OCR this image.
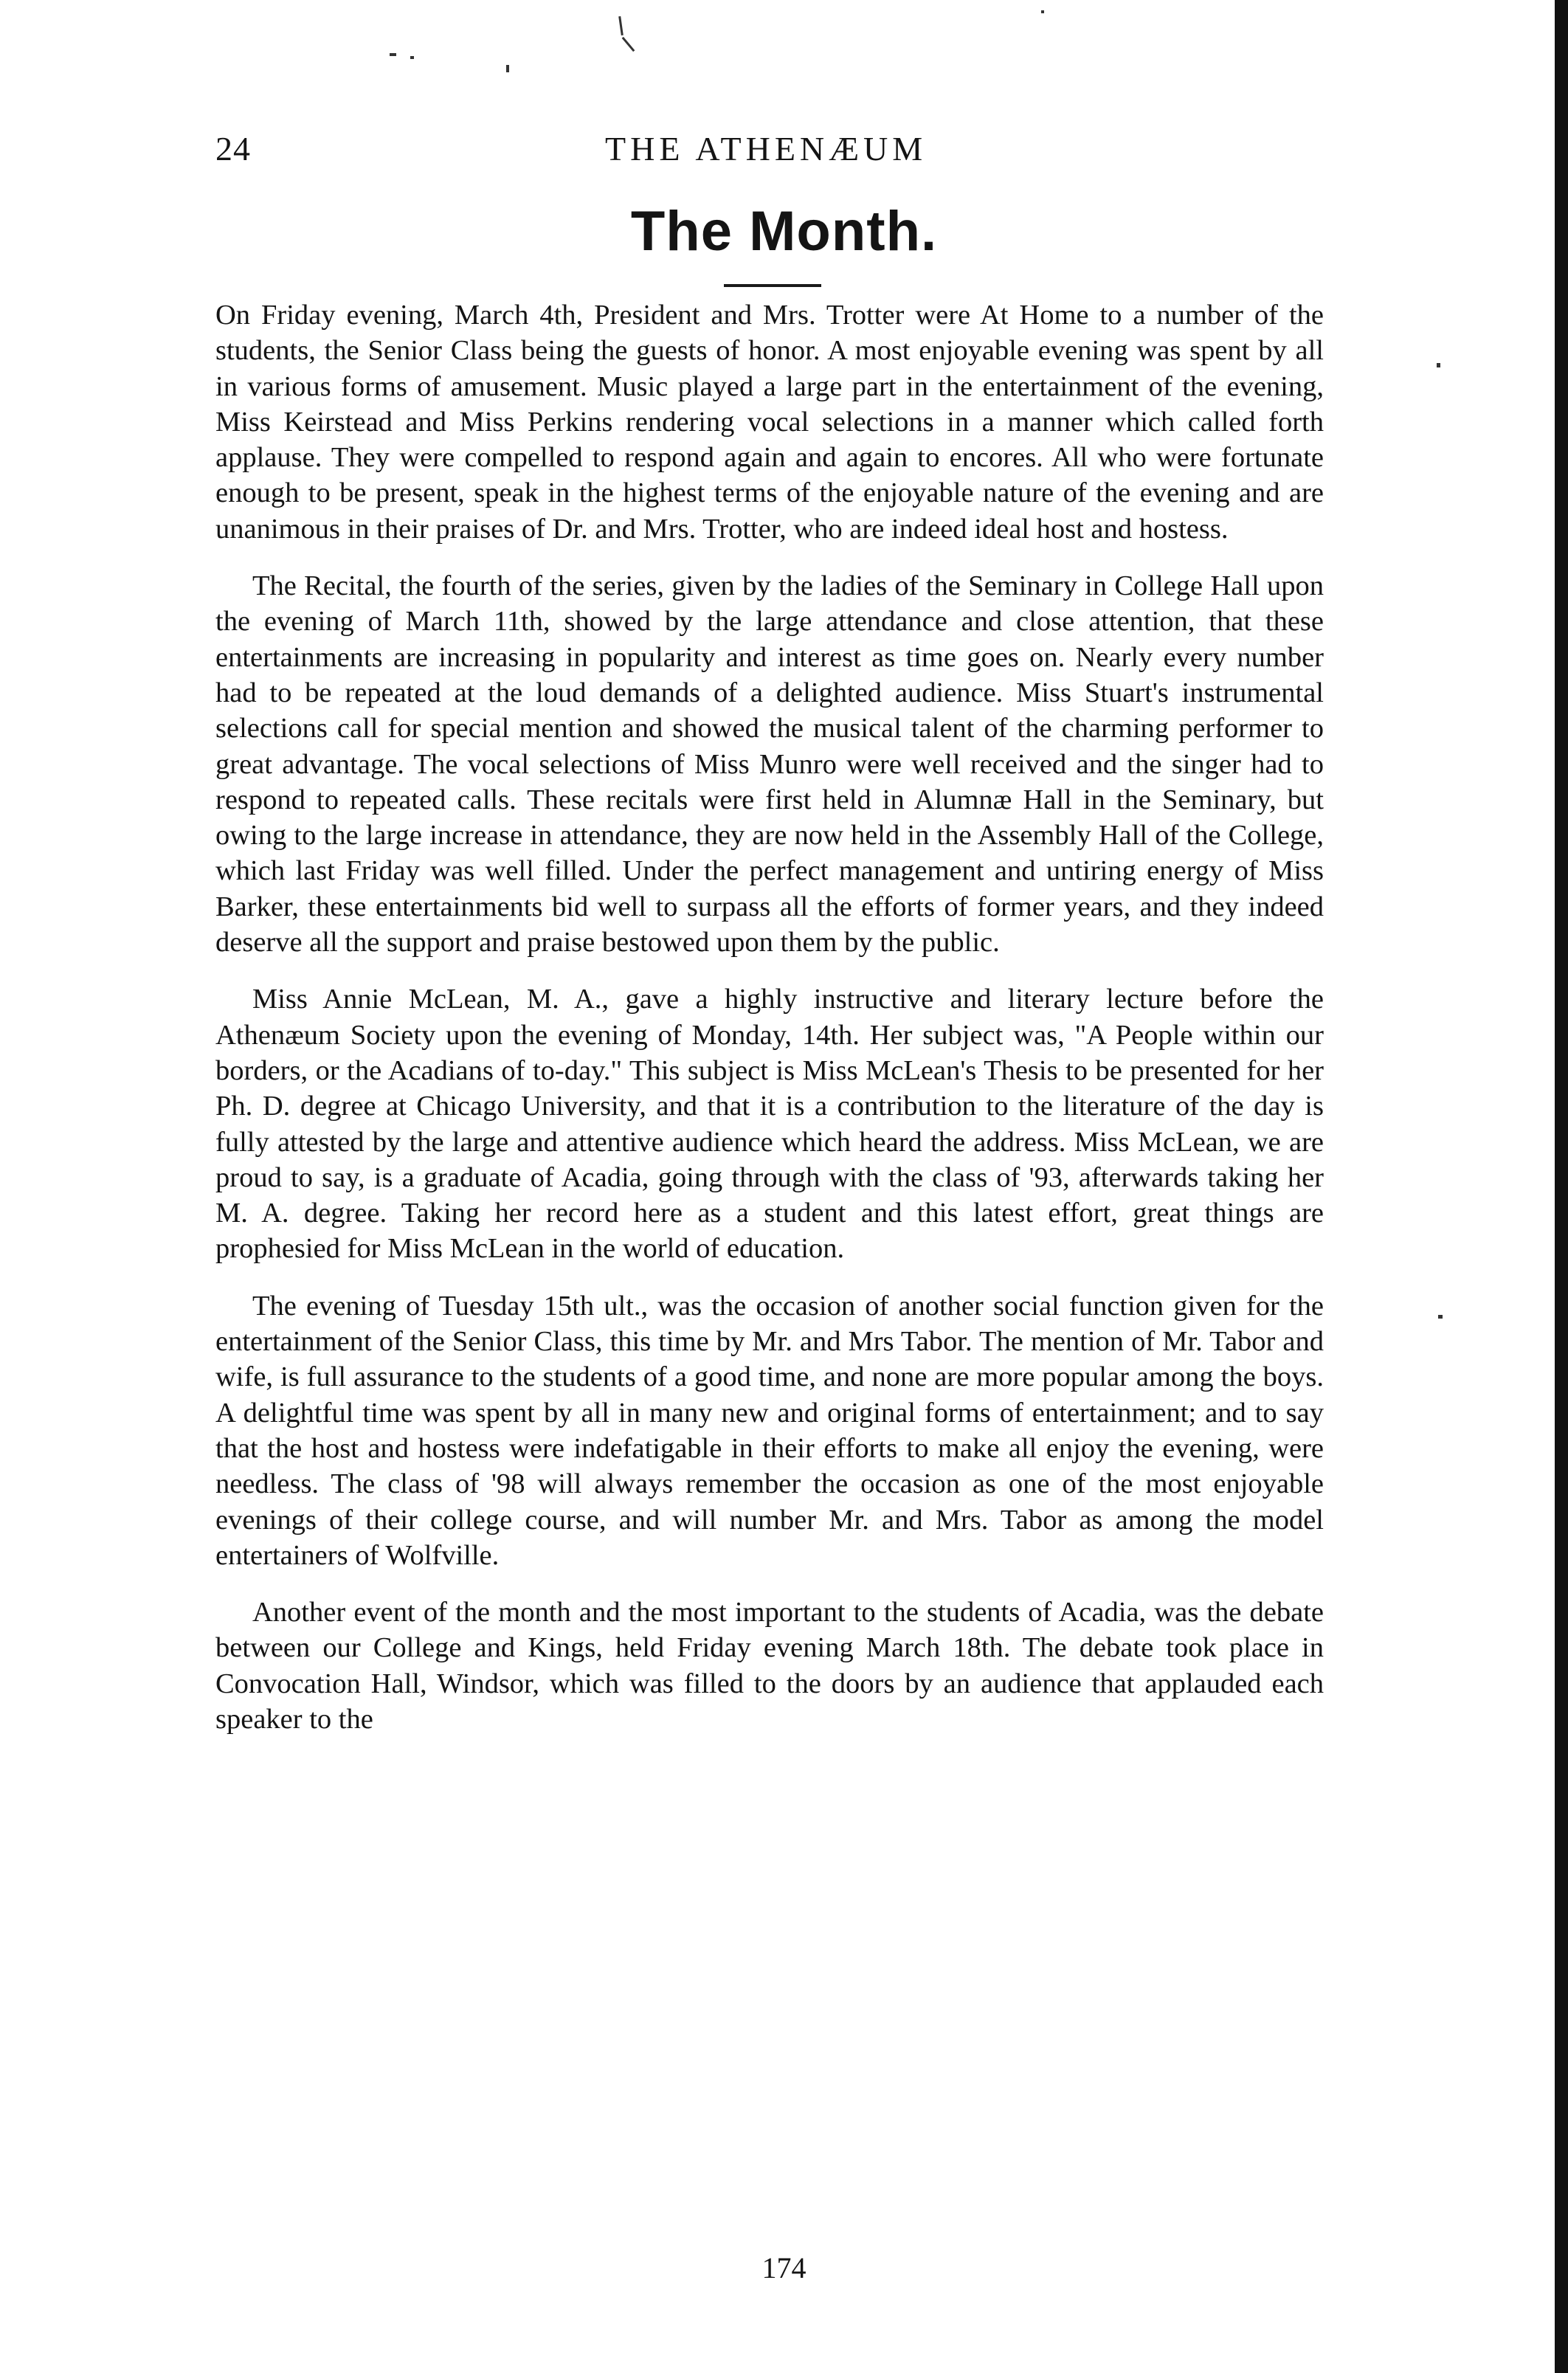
24	THE ATHENÆUM
The Month.

On Friday evening, March 4th, President and Mrs. Trotter were At Home to a number of the students, the Senior Class being the guests of honor. A most enjoyable evening was spent by all in various forms of amusement. Music played a large part in the entertainment of the evening, Miss Keirstead and Miss Perkins rendering vocal selections in a manner which called forth applause. They were compelled to respond again and again to encores. All who were fortunate enough to be present, speak in the highest terms of the enjoyable nature of the evening and are unanimous in their praises of Dr. and Mrs. Trotter, who are indeed ideal host and hostess.

The Recital, the fourth of the series, given by the ladies of the Seminary in College Hall upon the evening of March 11th, showed by the large attendance and close attention, that these entertainments are increasing in popularity and interest as time goes on. Nearly every number had to be repeated at the loud demands of a delighted audience. Miss Stuart's instrumental selections call for special mention and showed the musical talent of the charming performer to great advantage. The vocal selections of Miss Munro were well received and the singer had to respond to repeated calls. These recitals were first held in Alumnæ Hall in the Seminary, but owing to the large increase in attendance, they are now held in the Assembly Hall of the College, which last Friday was well filled. Under the perfect management and untiring energy of Miss Barker, these entertainments bid well to surpass all the efforts of former years, and they indeed deserve all the support and praise bestowed upon them by the public.

Miss Annie McLean, M. A., gave a highly instructive and literary lecture before the Athenæum Society upon the evening of Monday, 14th. Her subject was, "A People within our borders, or the Acadians of to-day." This subject is Miss McLean's Thesis to be presented for her Ph. D. degree at Chicago University, and that it is a contribution to the literature of the day is fully attested by the large and attentive audience which heard the address. Miss McLean, we are proud to say, is a graduate of Acadia, going through with the class of '93, afterwards taking her M. A. degree. Taking her record here as a student and this latest effort, great things are prophesied for Miss McLean in the world of education.

The evening of Tuesday 15th ult., was the occasion of another social function given for the entertainment of the Senior Class, this time by Mr. and Mrs Tabor. The mention of Mr. Tabor and wife, is full assurance to the students of a good time, and none are more popular among the boys. A delightful time was spent by all in many new and original forms of entertainment; and to say that the host and hostess were indefatigable in their efforts to make all enjoy the evening, were needless. The class of '98 will always remember the occasion as one of the most enjoyable evenings of their college course, and will number Mr. and Mrs. Tabor as among the model entertainers of Wolfville.

Another event of the month and the most important to the students of Acadia, was the debate between our College and Kings, held Friday evening March 18th. The debate took place in Convocation Hall, Windsor, which was filled to the doors by an audience that applauded each speaker to the

174
